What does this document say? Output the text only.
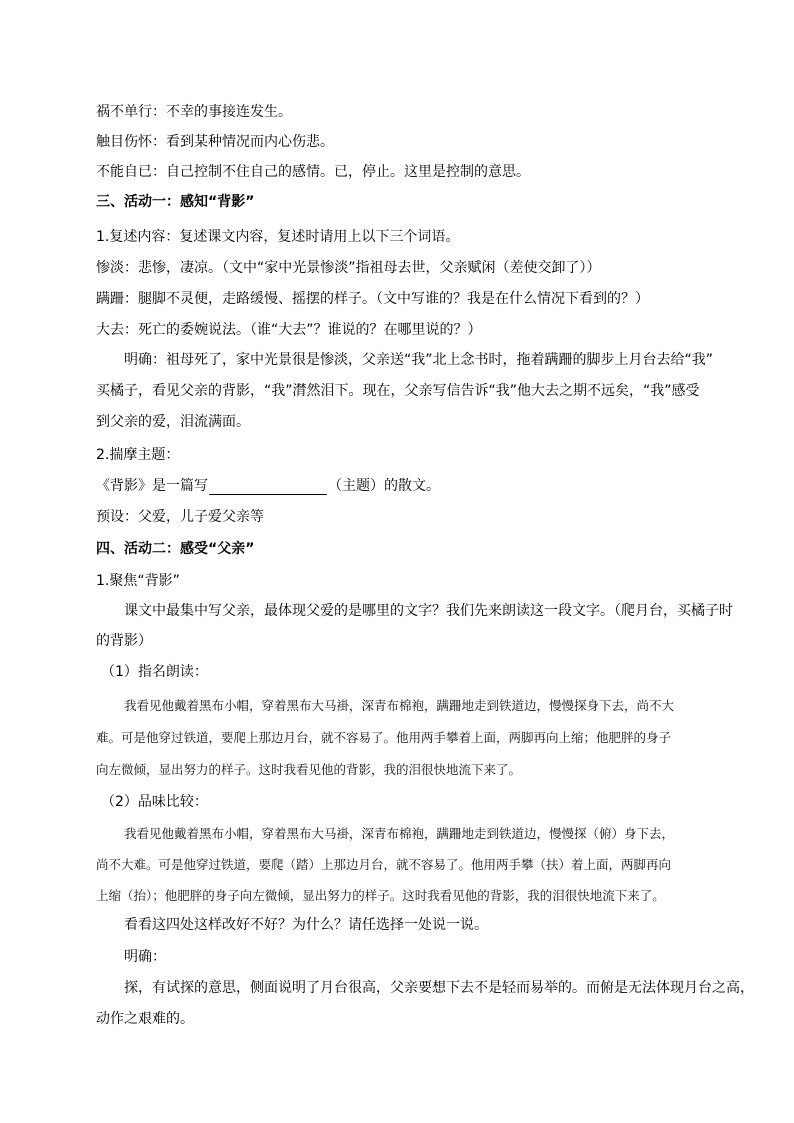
祸不单行：不幸的事接连发生。
触目伤怀：看到某种情况而内心伤悲。
不能自已：自己控制不住自己的感情。已，停止。这里是控制的意思。
三、活动一：感知“背影”
1.复述内容：复述课文内容，复述时请用上以下三个词语。
惨淡：悲惨，凄凉。（文中“家中光景惨淡”指祖母去世，父亲赋闲（差使交卸了））
蹒跚：腿脚不灵便，走路缓慢、摇摆的样子。（文中写谁的？我是在什么情况下看到的？）
大去：死亡的委婉说法。（谁“大去”？谁说的？在哪里说的？）
明确：祖母死了，家中光景很是惨淡，父亲送“我”北上念书时，拖着蹒跚的脚步上月台去给“我”
买橘子，看见父亲的背影，“我”潸然泪下。现在，父亲写信告诉“我”他大去之期不远矣，“我”感受
到父亲的爱，泪流满面。
2.揣摩主题：
《背影》是一篇写	（主题）的散文。
预设：父爱，儿子爱父亲等
四、活动二：感受“父亲”
1.聚焦“背影”
课文中最集中写父亲，最体现父爱的是哪里的文字？我们先来朗读这一段文字。（爬月台，买橘子时
的背影）
（1）指名朗读：
我看见他戴着黑布小帽，穿着黑布大马褂，深青布棉袍，蹒跚地走到铁道边，慢慢探身下去，尚不大
难。可是他穿过铁道，要爬上那边月台，就不容易了。他用两手攀着上面，两脚再向上缩；他肥胖的身子
向左微倾，显出努力的样子。这时我看见他的背影，我的泪很快地流下来了。
（2）品味比较：
我看见他戴着黑布小帽，穿着黑布大马褂，深青布棉袍，蹒跚地走到铁道边，慢慢探（俯）身下去，
尚不大难。可是他穿过铁道，要爬（踏）上那边月台，就不容易了。他用两手攀（扶）着上面，两脚再向
上缩（抬）；他肥胖的身子向左微倾，显出努力的样子。这时我看见他的背影，我的泪很快地流下来了。
看看这四处这样改好不好？为什么？请任选择一处说一说。
明确：
探，有试探的意思，侧面说明了月台很高，父亲要想下去不是轻而易举的。而俯是无法体现月台之高，
动作之艰难的。
